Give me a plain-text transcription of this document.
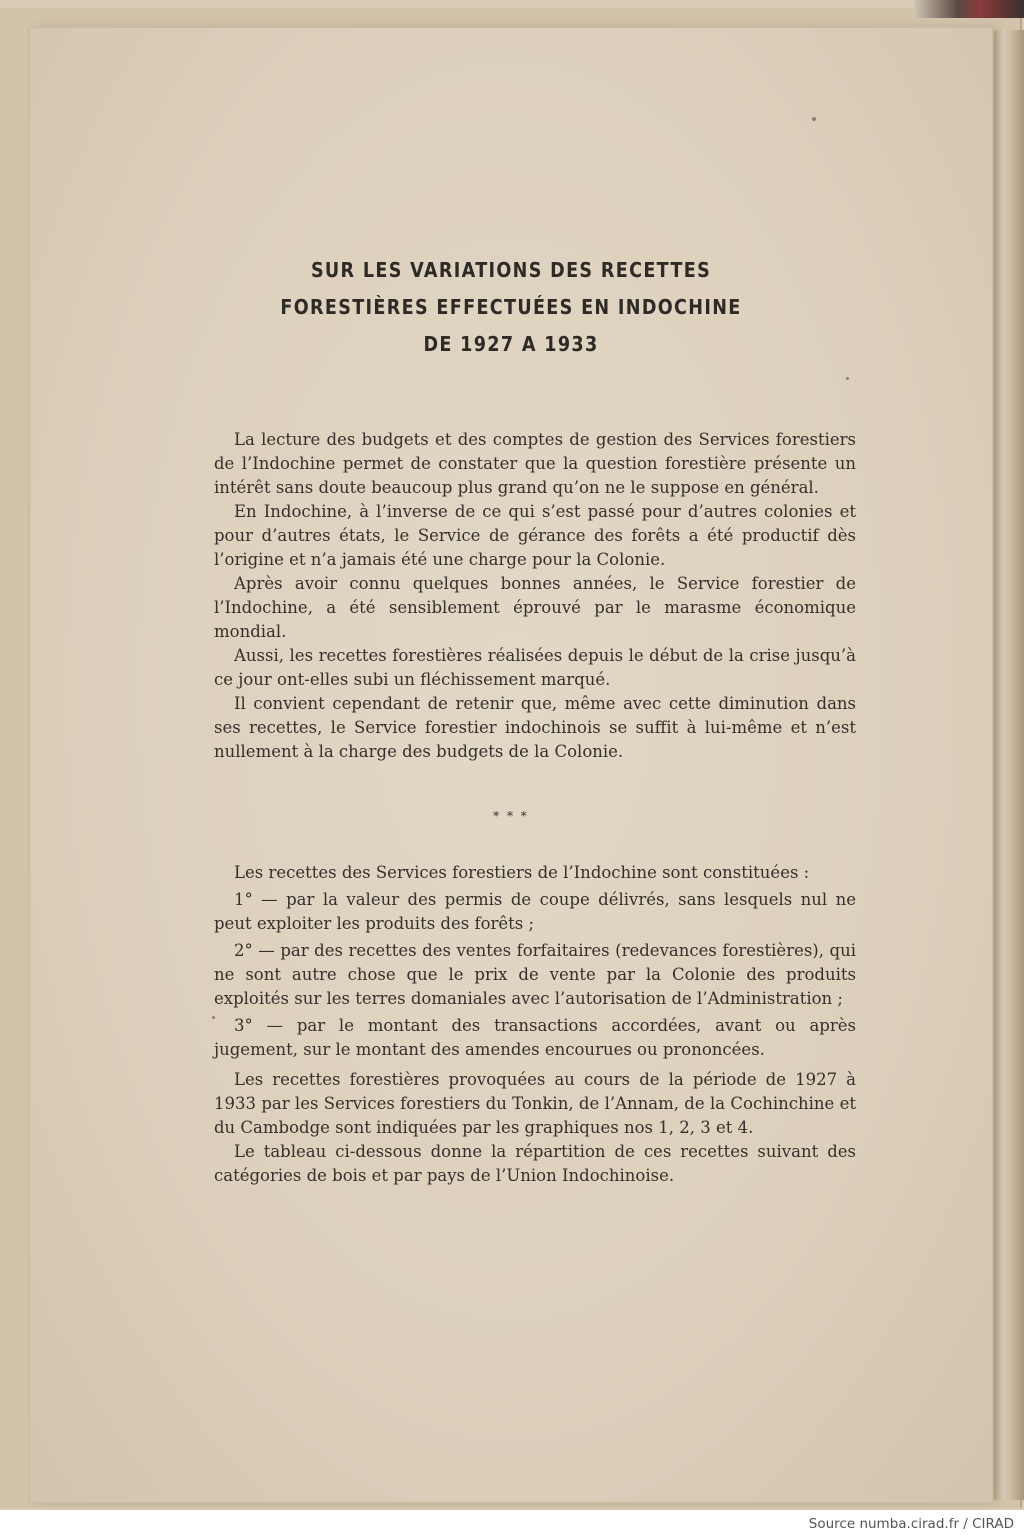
SUR LES VARIATIONS DES RECETTES
FORESTIÈRES EFFECTUÉES EN INDOCHINE
DE 1927 A 1933

La lecture des budgets et des comptes de gestion des Services forestiers de l’Indochine permet de constater que la question forestière présente un intérêt sans doute beaucoup plus grand qu’on ne le suppose en général.

En Indochine, à l’inverse de ce qui s’est passé pour d’autres colonies et pour d’autres états, le Service de gérance des forêts a été productif dès l’origine et n’a jamais été une charge pour la Colonie.

Après avoir connu quelques bonnes années, le Service forestier de l’Indochine, a été sensiblement éprouvé par le marasme économique mondial.

Aussi, les recettes forestières réalisées depuis le début de la crise jusqu’à ce jour ont-elles subi un fléchissement marqué.

Il convient cependant de retenir que, même avec cette diminution dans ses recettes, le Service forestier indochinois se suffit à lui-même et n’est nullement à la charge des budgets de la Colonie.

* * *

Les recettes des Services forestiers de l’Indochine sont constituées :

1° — par la valeur des permis de coupe délivrés, sans lesquels nul ne peut exploiter les produits des forêts ;

2° — par des recettes des ventes forfaitaires (redevances forestières), qui ne sont autre chose que le prix de vente par la Colonie des produits exploités sur les terres domaniales avec l’autorisation de l’Administration ;

3° — par le montant des transactions accordées, avant ou après jugement, sur le montant des amendes encourues ou prononcées.

Les recettes forestières provoquées au cours de la période de 1927 à 1933 par les Services forestiers du Tonkin, de l’Annam, de la Cochinchine et du Cambodge sont indiquées par les graphiques nos 1, 2, 3 et 4.

Le tableau ci-dessous donne la répartition de ces recettes suivant des catégories de bois et par pays de l’Union Indochinoise.

Source numba.cirad.fr / CIRAD
